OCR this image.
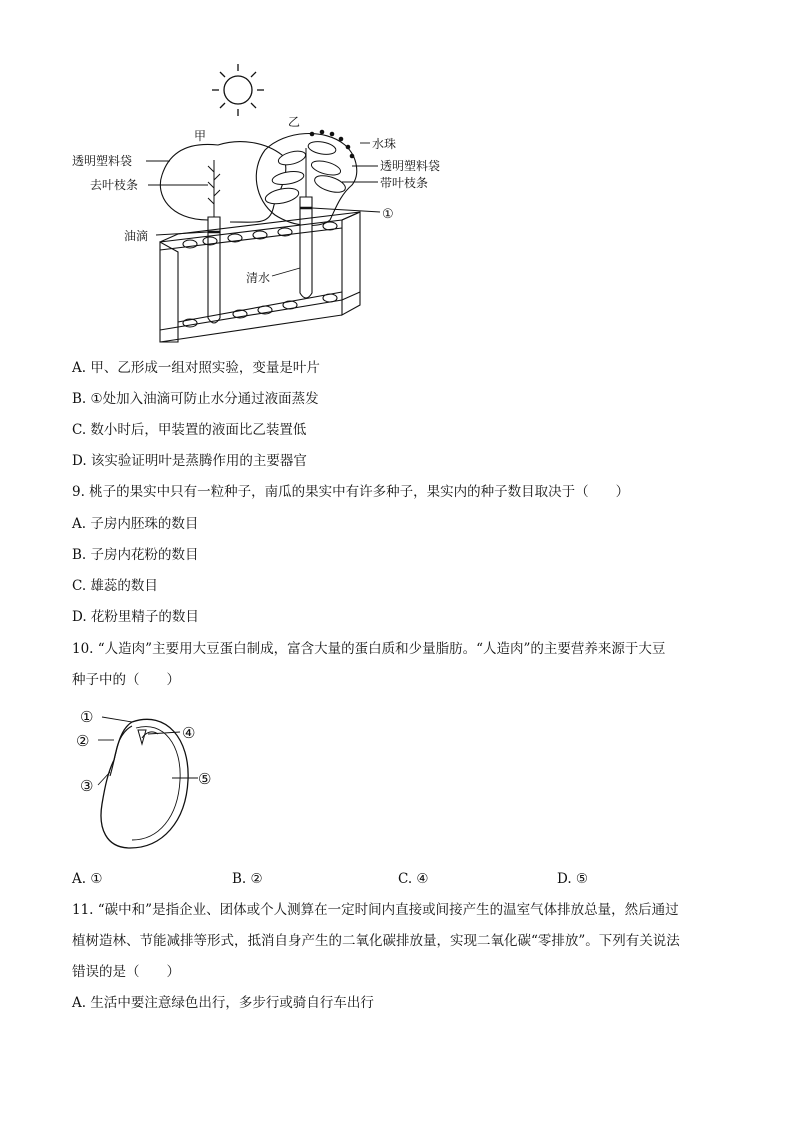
甲
乙
透明塑料袋
去叶枝条
油滴
水珠
透明塑料袋
带叶枝条
①
清水
A. 甲、乙形成一组对照实验，变量是叶片
B. ①处加入油滴可防止水分通过液面蒸发
C. 数小时后，甲装置的液面比乙装置低
D. 该实验证明叶是蒸腾作用的主要器官
9. 桃子的果实中只有一粒种子，南瓜的果实中有许多种子，果实内的种子数目取决于（　　）
A. 子房内胚珠的数目
B. 子房内花粉的数目
C. 雄蕊的数目
D. 花粉里精子的数目
10. “人造肉”主要用大豆蛋白制成，富含大量的蛋白质和少量脂肪。“人造肉”的主要营养来源于大豆
种子中的（　　）
①
②
③
④
⑤
A. ①	B. ②	C. ④	D. ⑤
11. “碳中和”是指企业、团体或个人测算在一定时间内直接或间接产生的温室气体排放总量，然后通过
植树造林、节能减排等形式，抵消自身产生的二氧化碳排放量，实现二氧化碳“零排放”。下列有关说法
错误的是（　　）
A. 生活中要注意绿色出行，多步行或骑自行车出行
